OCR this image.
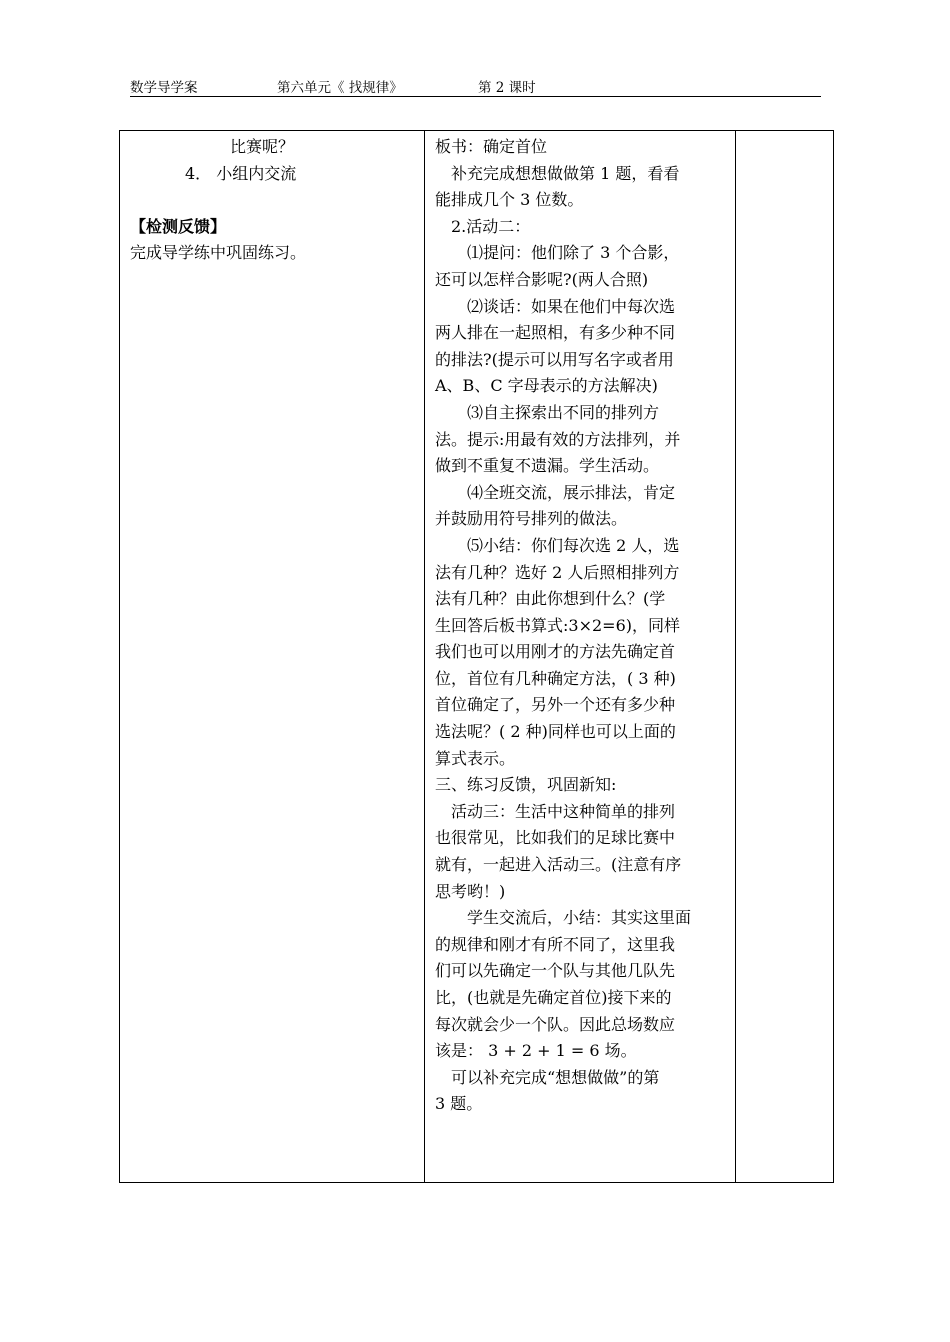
数学导学案	第六单元《 找规律》	第 2 课时
比赛呢？
4． 小组内交流
【检测反馈】
完成导学练中巩固练习。
板书：确定首位
补充完成想想做做第 1 题，看看
能排成几个 3 位数。
2.活动二：
⑴提问：他们除了 3 个合影，
还可以怎样合影呢?(两人合照)
⑵谈话：如果在他们中每次选
两人排在一起照相，有多少种不同
的排法?(提示可以用写名字或者用
A、B、C 字母表示的方法解决)
⑶自主探索出不同的排列方
法。提示:用最有效的方法排列，并
做到不重复不遗漏。学生活动。
⑷全班交流，展示排法，肯定
并鼓励用符号排列的做法。
⑸小结：你们每次选 2 人，选
法有几种？选好 2 人后照相排列方
法有几种？由此你想到什么？(学
生回答后板书算式:3×2=6)，同样
我们也可以用刚才的方法先确定首
位，首位有几种确定方法，( 3 种)
首位确定了，另外一个还有多少种
选法呢？( 2 种)同样也可以上面的
算式表示。
三、练习反馈，巩固新知:
活动三：生活中这种简单的排列
也很常见，比如我们的足球比赛中
就有，一起进入活动三。(注意有序
思考哟！)
学生交流后，小结：其实这里面
的规律和刚才有所不同了，这里我
们可以先确定一个队与其他几队先
比，(也就是先确定首位)接下来的
每次就会少一个队。因此总场数应
该是： 3 + 2 + 1 = 6 场。
可以补充完成“想想做做”的第
3 题。
